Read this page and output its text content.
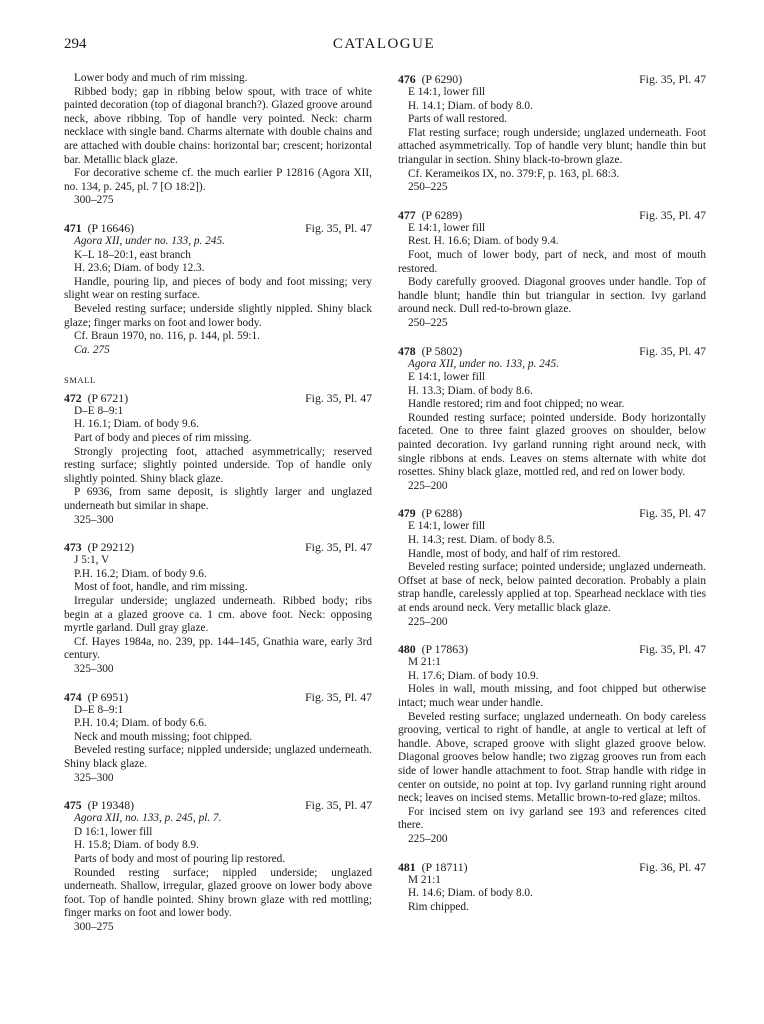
294	CATALOGUE
Lower body and much of rim missing.
Ribbed body; gap in ribbing below spout, with trace of white painted decoration (top of diagonal branch?). Glazed groove around neck, above ribbing. Top of handle very pointed. Neck: charm necklace with single band. Charms alternate with double chains and are attached with double chains: horizontal bar; crescent; horizontal bar. Metallic black glaze.
For decorative scheme cf. the much earlier P 12816 (Agora XII, no. 134, p. 245, pl. 7 [O 18:2]).
300–275
471 (P 16646)	Fig. 35, Pl. 47
Agora XII, under no. 133, p. 245.
K–L 18–20:1, east branch
H. 23.6; Diam. of body 12.3.
Handle, pouring lip, and pieces of body and foot missing; very slight wear on resting surface.
Beveled resting surface; underside slightly nippled. Shiny black glaze; finger marks on foot and lower body.
Cf. Braun 1970, no. 116, p. 144, pl. 59:1.
Ca. 275
SMALL
472 (P 6721)	Fig. 35, Pl. 47
D–E 8–9:1
H. 16.1; Diam. of body 9.6.
Part of body and pieces of rim missing.
Strongly projecting foot, attached asymmetrically; reserved resting surface; slightly pointed underside. Top of handle only slightly pointed. Shiny black glaze.
P 6936, from same deposit, is slightly larger and unglazed underneath but similar in shape.
325–300
473 (P 29212)	Fig. 35, Pl. 47
J 5:1, V
P.H. 16.2; Diam. of body 9.6.
Most of foot, handle, and rim missing.
Irregular underside; unglazed underneath. Ribbed body; ribs begin at a glazed groove ca. 1 cm. above foot. Neck: opposing myrtle garland. Dull gray glaze.
Cf. Hayes 1984a, no. 239, pp. 144–145, Gnathia ware, early 3rd century.
325–300
474 (P 6951)	Fig. 35, Pl. 47
D–E 8–9:1
P.H. 10.4; Diam. of body 6.6.
Neck and mouth missing; foot chipped.
Beveled resting surface; nippled underside; unglazed underneath. Shiny black glaze.
325–300
475 (P 19348)	Fig. 35, Pl. 47
Agora XII, no. 133, p. 245, pl. 7.
D 16:1, lower fill
H. 15.8; Diam. of body 8.9.
Parts of body and most of pouring lip restored.
Rounded resting surface; nippled underside; unglazed underneath. Shallow, irregular, glazed groove on lower body above foot. Top of handle pointed. Shiny brown glaze with red mottling; finger marks on foot and lower body.
300–275
476 (P 6290)	Fig. 35, Pl. 47
E 14:1, lower fill
H. 14.1; Diam. of body 8.0.
Parts of wall restored.
Flat resting surface; rough underside; unglazed underneath. Foot attached asymmetrically. Top of handle very blunt; handle thin but triangular in section. Shiny black-to-brown glaze.
Cf. Kerameikos IX, no. 379:F, p. 163, pl. 68:3.
250–225
477 (P 6289)	Fig. 35, Pl. 47
E 14:1, lower fill
Rest. H. 16.6; Diam. of body 9.4.
Foot, much of lower body, part of neck, and most of mouth restored.
Body carefully grooved. Diagonal grooves under handle. Top of handle blunt; handle thin but triangular in section. Ivy garland around neck. Dull red-to-brown glaze.
250–225
478 (P 5802)	Fig. 35, Pl. 47
Agora XII, under no. 133, p. 245.
E 14:1, lower fill
H. 13.3; Diam. of body 8.6.
Handle restored; rim and foot chipped; no wear.
Rounded resting surface; pointed underside. Body horizontally faceted. One to three faint glazed grooves on shoulder, below painted decoration. Ivy garland running right around neck, with single ribbons at ends. Leaves on stems alternate with white dot rosettes. Shiny black glaze, mottled red, and red on lower body.
225–200
479 (P 6288)	Fig. 35, Pl. 47
E 14:1, lower fill
H. 14.3; rest. Diam. of body 8.5.
Handle, most of body, and half of rim restored.
Beveled resting surface; pointed underside; unglazed underneath. Offset at base of neck, below painted decoration. Probably a plain strap handle, carelessly applied at top. Spearhead necklace with ties at ends around neck. Very metallic black glaze.
225–200
480 (P 17863)	Fig. 35, Pl. 47
M 21:1
H. 17.6; Diam. of body 10.9.
Holes in wall, mouth missing, and foot chipped but otherwise intact; much wear under handle.
Beveled resting surface; unglazed underneath. On body careless grooving, vertical to right of handle, at angle to vertical at left of handle. Above, scraped groove with slight glazed groove below. Diagonal grooves below handle; two zigzag grooves run from each side of lower handle attachment to foot. Strap handle with ridge in center on outside, no point at top. Ivy garland running right around neck; leaves on incised stems. Metallic brown-to-red glaze; miltos.
For incised stem on ivy garland see 193 and references cited there.
225–200
481 (P 18711)	Fig. 36, Pl. 47
M 21:1
H. 14.6; Diam. of body 8.0.
Rim chipped.
